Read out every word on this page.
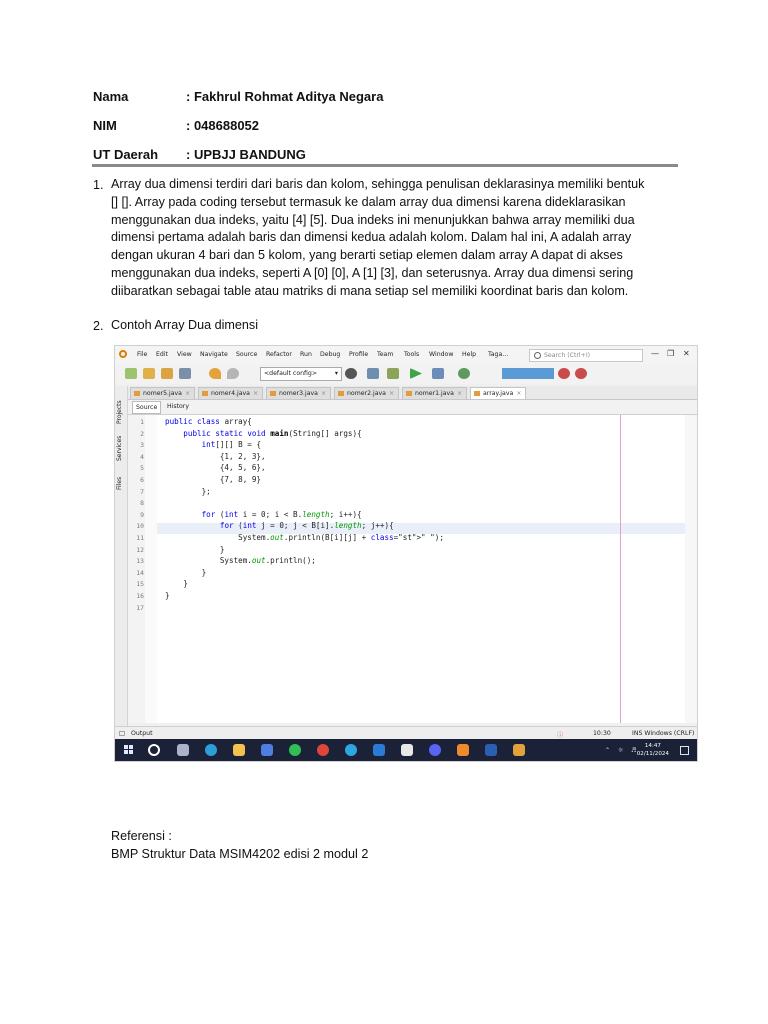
Nama	: Fakhrul Rohmat Aditya Negara
NIM	: 048688052
UT Daerah : UPBJJ BANDUNG
1. Array dua dimensi terdiri dari baris dan kolom, sehingga penulisan deklarasinya memiliki bentuk
[] []. Array pada coding tersebut termasuk ke dalam array dua dimensi karena dideklarasikan
menggunakan dua indeks, yaitu [4] [5]. Dua indeks ini menunjukkan bahwa array memiliki dua
dimensi pertama adalah baris dan dimensi kedua adalah kolom. Dalam hal ini, A adalah array
dengan ukuran 4 bari dan 5 kolom, yang berarti setiap elemen dalam array A dapat di akses
menggunakan dua indeks, seperti A [0] [0], A [1] [3], dan seterusnya. Array dua dimensi sering
diibaratkan sebagai table atau matriks di mana setiap sel memiliki koordinat baris dan kolom.
2. Contoh Array Dua dimensi
File Edit View Navigate Source Refactor Run Debug Profile Team Tools Window Help Taga...	Search (Ctrl+I)	— ❐ ✕
<default config>	▾
Projects
Services
Files
nomer5.java ×	nomer4.java ×	nomer3.java ×	nomer2.java ×	nomer1.java ×	array.java ×
Source	History
1	public class array{
2	public static void main(String[] args){
3	int[][] B = {
4	{1, 2, 3},
5	{4, 5, 6},
6	{7, 8, 9}
7	};
8
9	for (int i = 0; i < B.length; i++){
10	for (int j = 0; j < B[i].length; j++){
11	System.out.println(B[i][j] + class="st">" ");
12	}
13	System.out.println();
14	}
15	}
16	}
17
□ Output	ⓘ	10:30	INS Windows (CRLF)
⌃ ☼ ♬
14:47
02/11/2024
Referensi :
BMP Struktur Data MSIM4202 edisi 2 modul 2
